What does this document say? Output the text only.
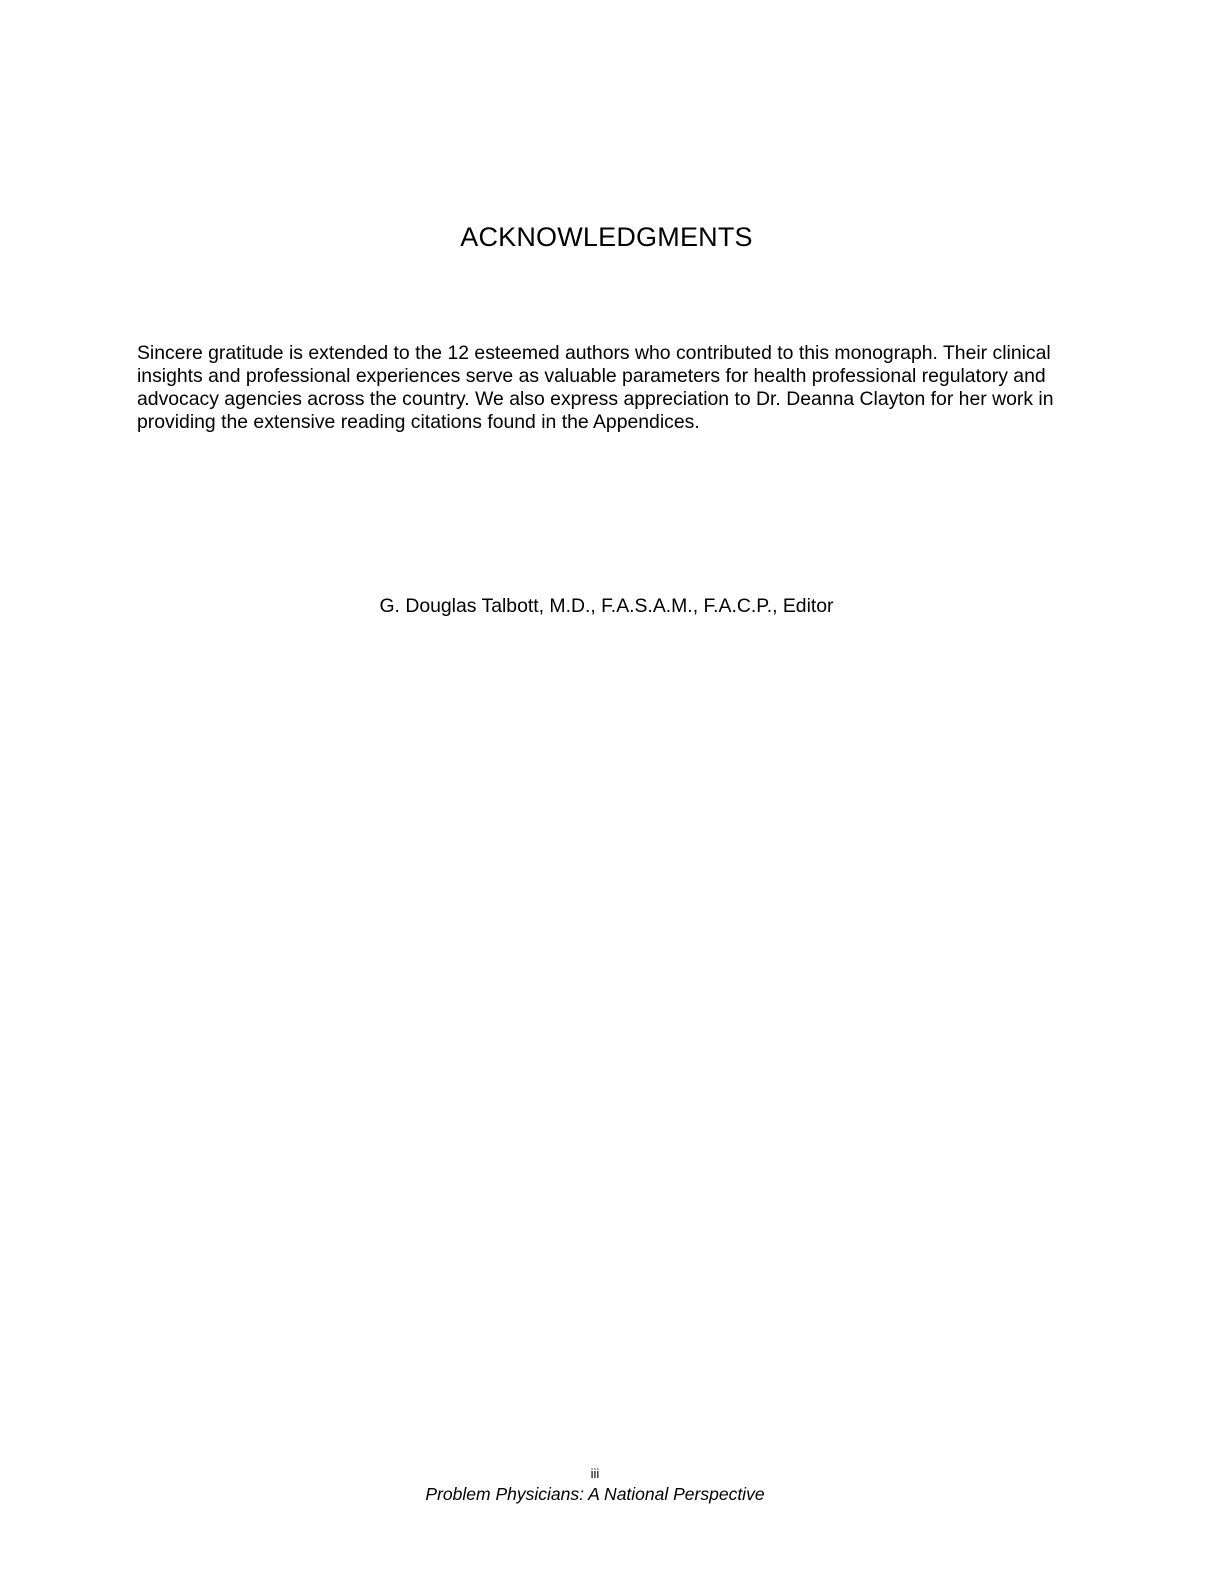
ACKNOWLEDGMENTS

Sincere gratitude is extended to the 12 esteemed authors who contributed to this monograph. Their clinical insights and professional experiences serve as valuable parameters for health professional regulatory and advocacy agencies across the country. We also express appreciation to Dr. Deanna Clayton for her work in providing the extensive reading citations found in the Appendices.

G. Douglas Talbott, M.D., F.A.S.A.M., F.A.C.P., Editor

iii
Problem Physicians: A National Perspective
